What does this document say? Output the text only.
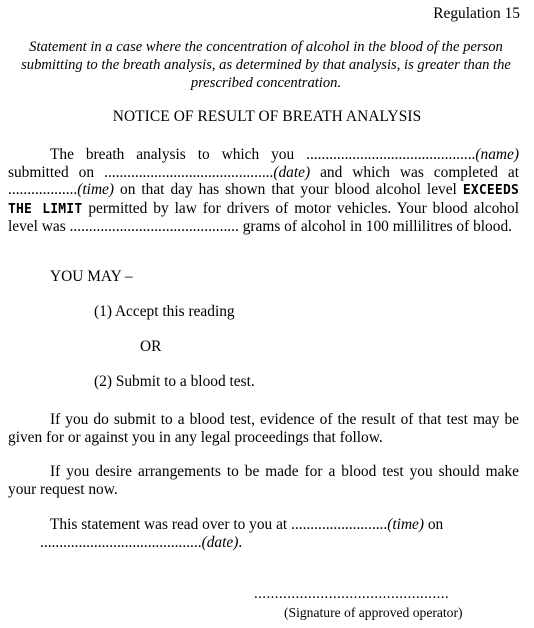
Regulation 15
Statement in a case where the concentration of alcohol in the blood of the person submitting to the breath analysis, as determined by that analysis, is greater than the prescribed concentration.
NOTICE OF RESULT OF BREATH ANALYSIS
The breath analysis to which you ............................................(name) submitted on ............................................(date) and which was completed at ..................(time) on that day has shown that your blood alcohol level EXCEEDS THE LIMIT permitted by law for drivers of motor vehicles. Your blood alcohol level was ............................................ grams of alcohol in 100 millilitres of blood.
YOU MAY –
(1) Accept this reading
OR
(2) Submit to a blood test.
If you do submit to a blood test, evidence of the result of that test may be given for or against you in any legal proceedings that follow.
If you desire arrangements to be made for a blood test you should make your request now.
This statement was read over to you at .........................(time) on
..........................................(date).
...............................................
(Signature of approved operator)
